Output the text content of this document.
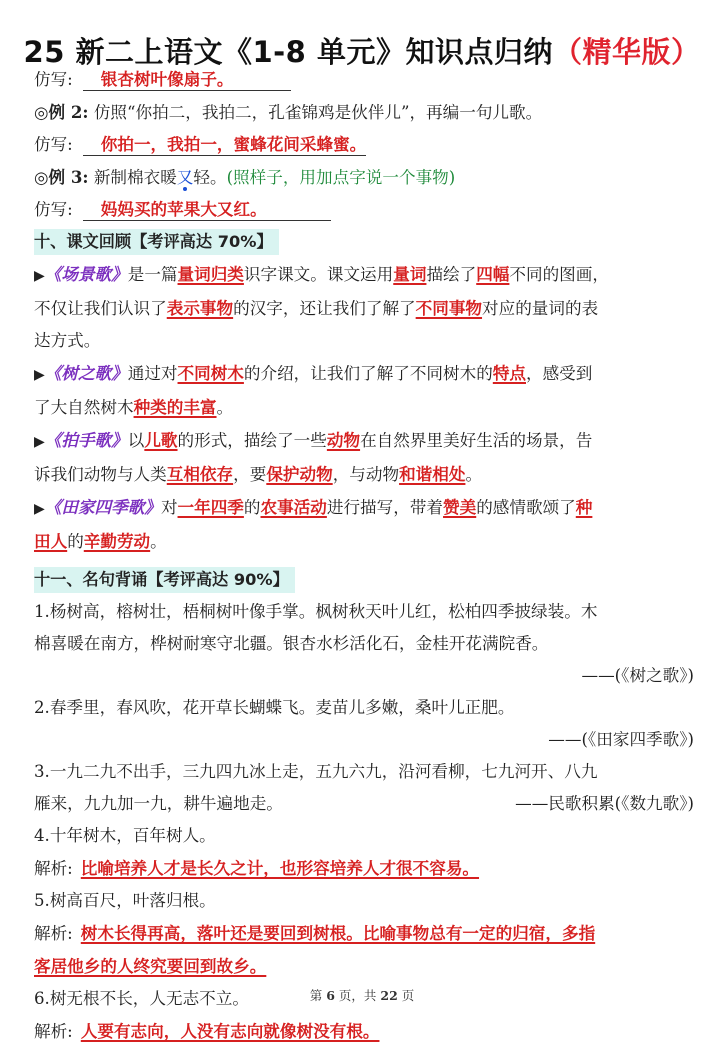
25 新二上语文《1-8 单元》知识点归纳（精华版）
仿写: 银杏树叶像扇子。
◎例 2: 仿照“你拍二，我拍二，孔雀锦鸡是伙伴儿”，再编一句儿歌。
仿写: 你拍一，我拍一，蜜蜂花间采蜂蜜。
◎例 3: 新制棉衣暖又轻。(照样子，用加点字说一个事物)
仿写: 妈妈买的苹果大又红。
十、课文回顾【考评高达 70%】
▶《场景歌》是一篇量词归类识字课文。课文运用量词描绘了四幅不同的图画，
不仅让我们认识了表示事物的汉字，还让我们了解了不同事物对应的量词的表
达方式。
▶《树之歌》通过对不同树木的介绍，让我们了解了不同树木的特点，感受到
了大自然树木种类的丰富。
▶《拍手歌》以儿歌的形式，描绘了一些动物在自然界里美好生活的场景，告
诉我们动物与人类互相依存，要保护动物，与动物和谐相处。
▶《田家四季歌》对一年四季的农事活动进行描写，带着赞美的感情歌颂了种
田人的辛勤劳动。
十一、名句背诵【考评高达 90%】
1.杨树高，榕树壮，梧桐树叶像手掌。枫树秋天叶儿红，松柏四季披绿装。木
棉喜暖在南方，桦树耐寒守北疆。银杏水杉活化石，金桂开花满院香。
——(《树之歌》)
2.春季里，春风吹，花开草长蝴蝶飞。麦苗儿多嫩，桑叶儿正肥。
——(《田家四季歌》)
3.一九二九不出手，三九四九冰上走，五九六九，沿河看柳，七九河开、八九
雁来，九九加一九，耕牛遍地走。	——民歌积累(《数九歌》)
4.十年树木，百年树人。
解析: 比喻培养人才是长久之计，也形容培养人才很不容易。
5.树高百尺，叶落归根。
解析: 树木长得再高，落叶还是要回到树根。比喻事物总有一定的归宿，多指
客居他乡的人终究要回到故乡。
6.树无根不长，人无志不立。
解析: 人要有志向，人没有志向就像树没有根。
第 6 页，共 22 页
